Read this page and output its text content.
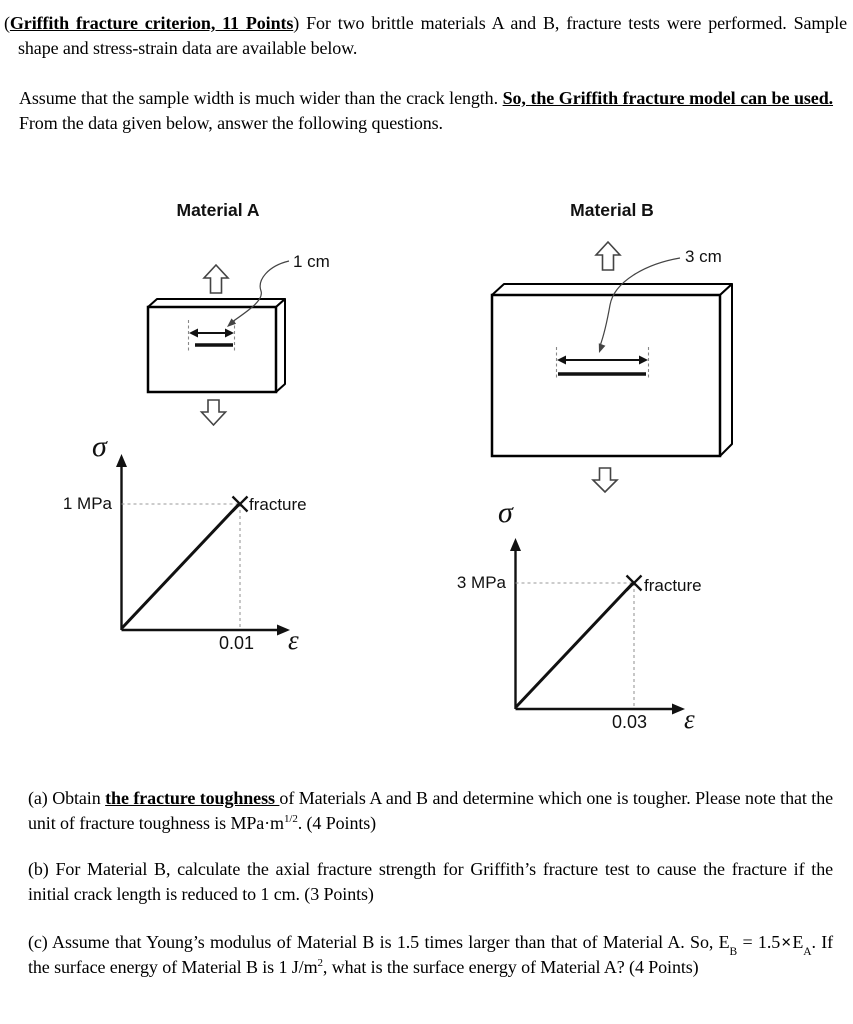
(Griffith fracture criterion, 11 Points) For two brittle materials A and B, fracture tests were performed. Sample shape and stress-strain data are available below.

Assume that the sample width is much wider than the crack length. So, the Griffith fracture model can be used. From the data given below, answer the following questions.

Material A
1 cm
σ
1 MPa	fracture
0.01 ε
Material B
3 cm
σ
3 MPa	fracture
0.03 ε

(a) Obtain the fracture toughness of Materials A and B and determine which one is tougher. Please note that the unit of fracture toughness is $MPa\cdot m^{1/2}$. (4 Points)

(b) For Material B, calculate the axial fracture strength for Griffith’s fracture test to cause the fracture if the initial crack length is reduced to 1 cm. (3 Points)

(c) Assume that Young’s modulus of Material B is 1.5 times larger than that of Material A. So, $E_B = 1.5\times E_A$. If the surface energy of Material B is 1 $J/m^2$, what is the surface energy of Material A? (4 Points)
